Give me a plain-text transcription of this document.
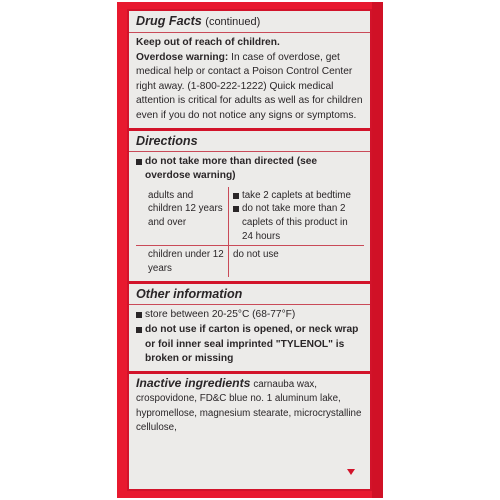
Drug Facts (continued)

Keep out of reach of children.

Overdose warning: In case of overdose, get medical help or contact a Poison Control Center right away. (1-800-222-1222) Quick medical attention is critical for adults as well as for children even if you do not notice any signs or symptoms.

Directions
do not take more than directed (see overdose warning)
adults and children 12 years and over	take 2 caplets at bedtime
do not take more than 2 caplets of this product in 24 hours

children under 12 years	do not use
Other information
store between 20-25°C (68-77°F)
do not use if carton is opened, or neck wrap or foil inner seal imprinted "TYLENOL" is broken or missing

Inactive ingredients carnauba wax, crospovidone, FD&C blue no. 1 aluminum lake, hypromellose, magnesium stearate, microcrystalline cellulose,
